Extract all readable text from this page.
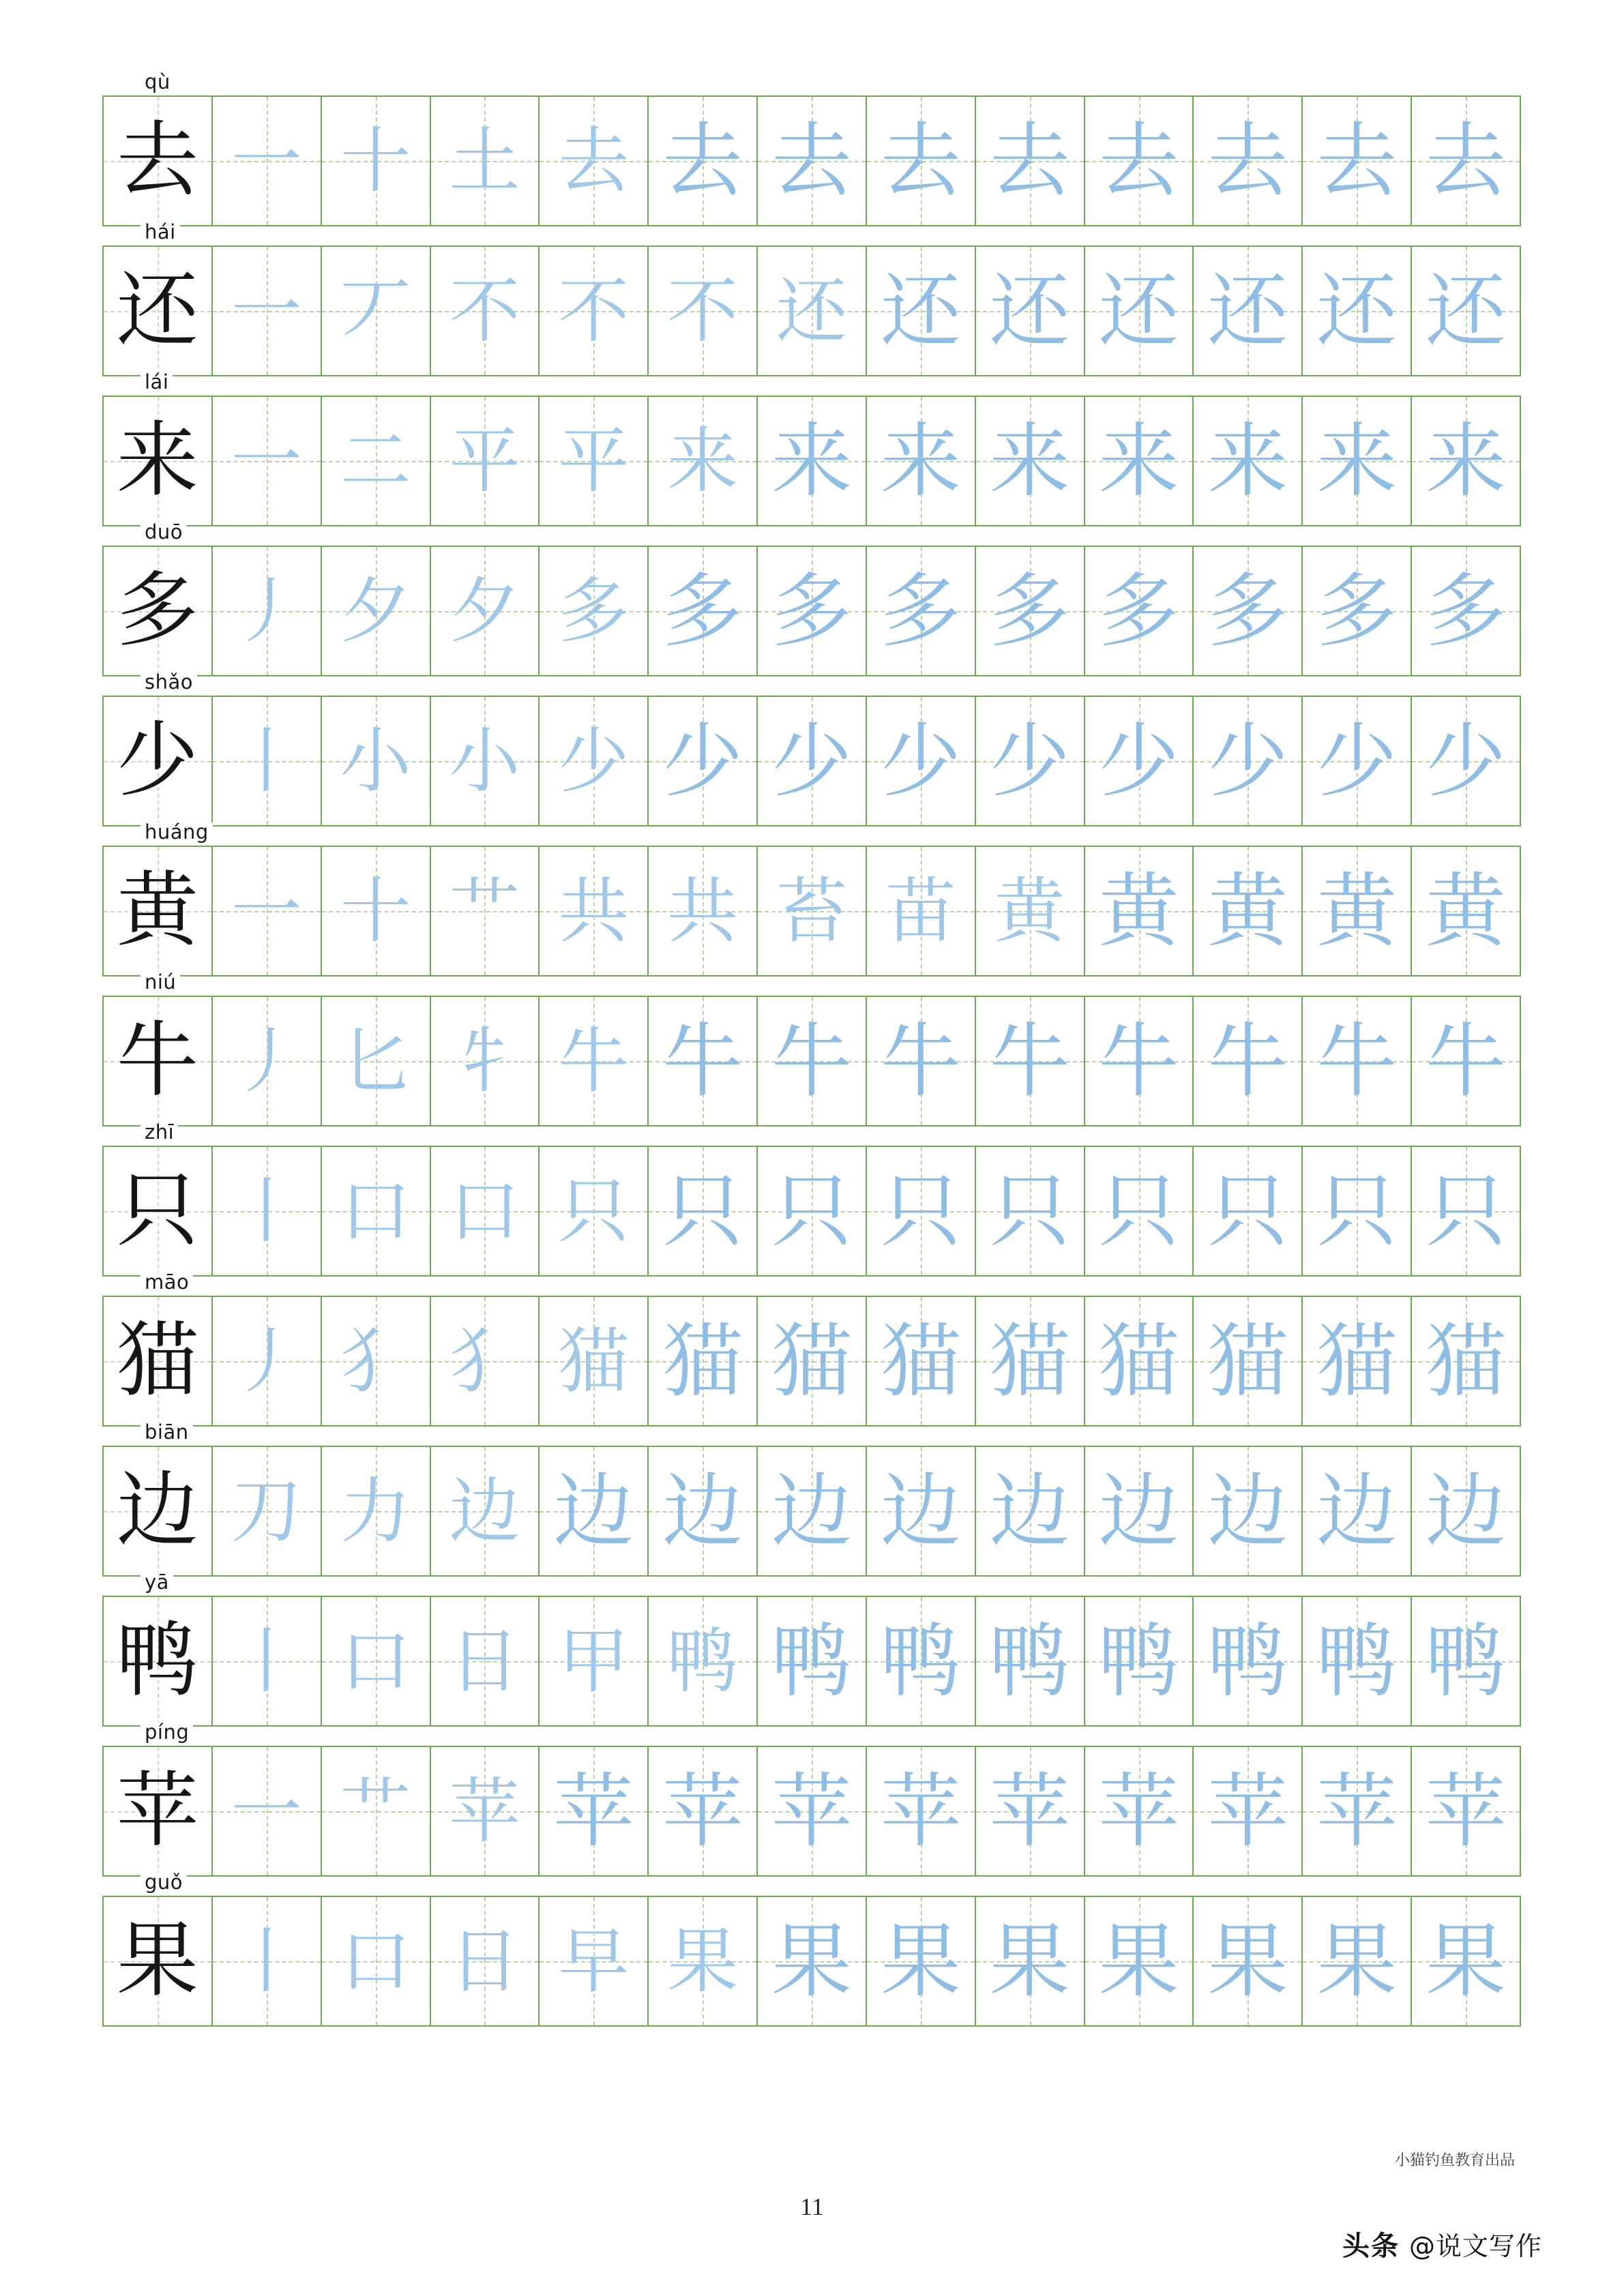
qù
去 一 十 土 去 去 去 去 去 去 去 去 去
hái
还 一 丆 不 不 不 还 还 还 还 还 还 还
lái
来 一 二 平 平 来 来 来 来 来 来 来 来
duō
多 丿 夕 夕 多 多 多 多 多 多 多 多 多
shǎo
少 丨 小 小 少 少 少 少 少 少 少 少 少
huáng
黄 一 十 艹 共 共 苔 苗 黄 黄 黄 黄 黄
niú
牛 丿 匕 牜 牛 牛 牛 牛 牛 牛 牛 牛 牛
zhī
只 丨 口 口 只 只 只 只 只 只 只 只 只
māo
猫 丿 犭 犭 猫 猫 猫 猫 猫 猫 猫 猫 猫
biān
边 刀 力 边 边 边 边 边 边 边 边 边 边
yā
鸭 丨 口 日 甲 鸭 鸭 鸭 鸭 鸭 鸭 鸭 鸭
píng
苹 一 艹 苹 苹 苹 苹 苹 苹 苹 苹 苹 苹
guǒ
果 丨 口 日 早 果 果 果 果 果 果 果 果
小猫钓鱼教育出品
11
头条 @说文写作
